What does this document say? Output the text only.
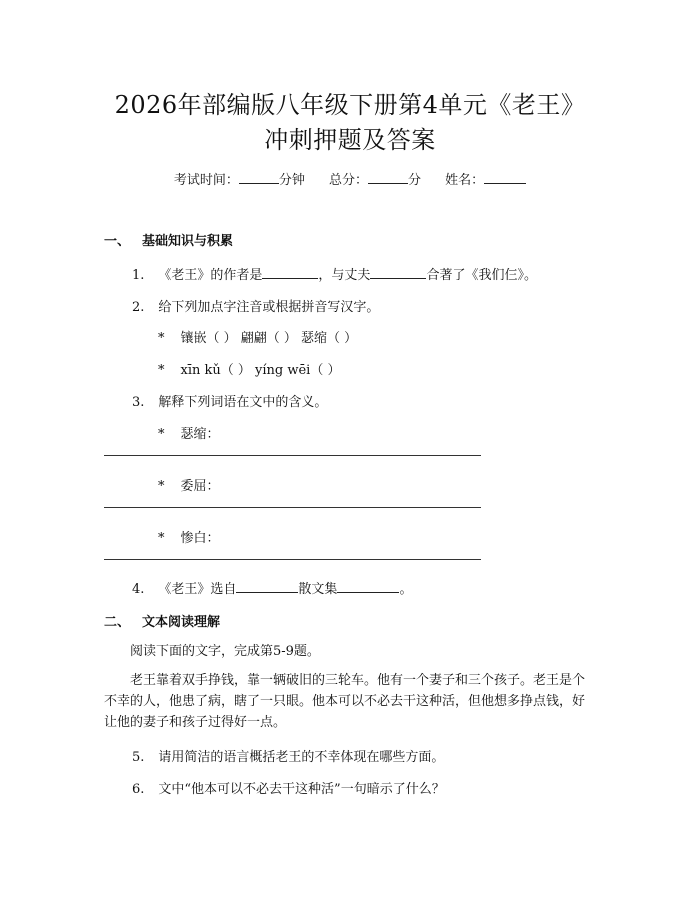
2026年部编版八年级下册第4单元《老王》
冲刺押题及答案
考试时间：	分钟 总分：	分 姓名：
一、 基础知识与积累
1. 《老王》的作者是	，与丈夫	合著了《我们仨》。
2. 给下列加点字注音或根据拼音写汉字。
* 镶嵌（ ） 翩翩（ ） 瑟缩（ ）
* xīn kǔ（ ） yíng wēi（ ）
3. 解释下列词语在文中的含义。
* 瑟缩：
* 委屈：
* 惨白：
4. 《老王》选自	散文集	。
二、 文本阅读理解
阅读下面的文字，完成第5-9题。
老王靠着双手挣钱，靠一辆破旧的三轮车。他有一个妻子和三个孩子。老王是个不幸的人，他患了病，瞎了一只眼。他本可以不必去干这种活，但他想多挣点钱，好让他的妻子和孩子过得好一点。
5. 请用简洁的语言概括老王的不幸体现在哪些方面。
6. 文中“他本可以不必去干这种活”一句暗示了什么？
